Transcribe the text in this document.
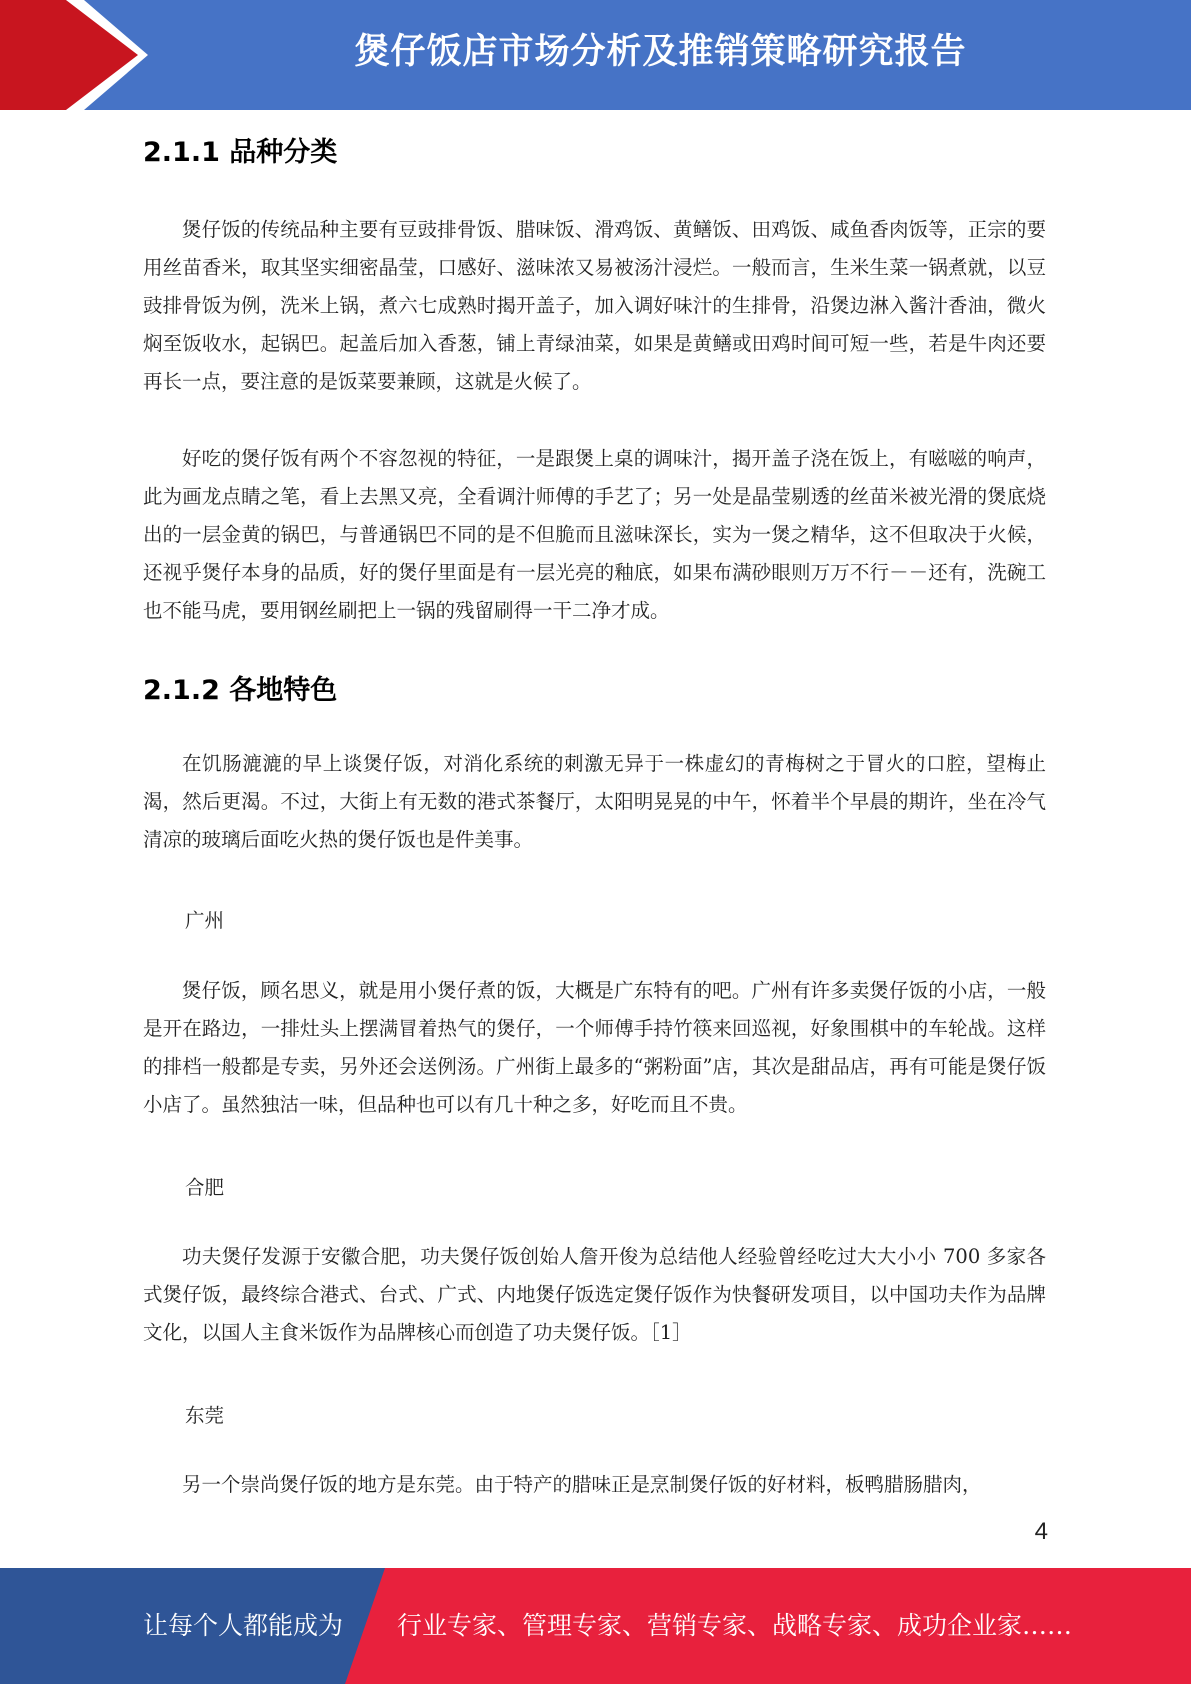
煲仔饭店市场分析及推销策略研究报告
2.1.1 品种分类

煲仔饭的传统品种主要有豆豉排骨饭、腊味饭、滑鸡饭、黄鳝饭、田鸡饭、咸鱼香肉饭等，正宗的要用丝苗香米，取其坚实细密晶莹，口感好、滋味浓又易被汤汁浸烂。一般而言，生米生菜一锅煮就，以豆豉排骨饭为例，洗米上锅，煮六七成熟时揭开盖子，加入调好味汁的生排骨，沿煲边淋入酱汁香油，微火焖至饭收水，起锅巴。起盖后加入香葱，铺上青绿油菜，如果是黄鳝或田鸡时间可短一些，若是牛肉还要再长一点，要注意的是饭菜要兼顾，这就是火候了。

好吃的煲仔饭有两个不容忽视的特征，一是跟煲上桌的调味汁，揭开盖子浇在饭上，有嗞嗞的响声，此为画龙点睛之笔，看上去黑又亮，全看调汁师傅的手艺了；另一处是晶莹剔透的丝苗米被光滑的煲底烧出的一层金黄的锅巴，与普通锅巴不同的是不但脆而且滋味深长，实为一煲之精华，这不但取决于火候，还视乎煲仔本身的品质，好的煲仔里面是有一层光亮的釉底，如果布满砂眼则万万不行－－还有，洗碗工也不能马虎，要用钢丝刷把上一锅的残留刷得一干二净才成。

2.1.2 各地特色

在饥肠漉漉的早上谈煲仔饭，对消化系统的刺激无异于一株虚幻的青梅树之于冒火的口腔，望梅止渴，然后更渴。不过，大街上有无数的港式茶餐厅，太阳明晃晃的中午，怀着半个早晨的期许，坐在冷气清凉的玻璃后面吃火热的煲仔饭也是件美事。

广州

煲仔饭，顾名思义，就是用小煲仔煮的饭，大概是广东特有的吧。广州有许多卖煲仔饭的小店，一般是开在路边，一排灶头上摆满冒着热气的煲仔，一个师傅手持竹筷来回巡视，好象围棋中的车轮战。这样的排档一般都是专卖，另外还会送例汤。广州街上最多的“粥粉面”店，其次是甜品店，再有可能是煲仔饭小店了。虽然独沽一味，但品种也可以有几十种之多，好吃而且不贵。

合肥

功夫煲仔发源于安徽合肥，功夫煲仔饭创始人詹开俊为总结他人经验曾经吃过大大小小 700 多家各式煲仔饭，最终综合港式、台式、广式、内地煲仔饭选定煲仔饭作为快餐研发项目，以中国功夫作为品牌文化，以国人主食米饭作为品牌核心而创造了功夫煲仔饭。［1］

东莞

另一个崇尚煲仔饭的地方是东莞。由于特产的腊味正是烹制煲仔饭的好材料，板鸭腊肠腊肉，

4
让每个人都能成为 行业专家、管理专家、营销专家、战略专家、成功企业家……
